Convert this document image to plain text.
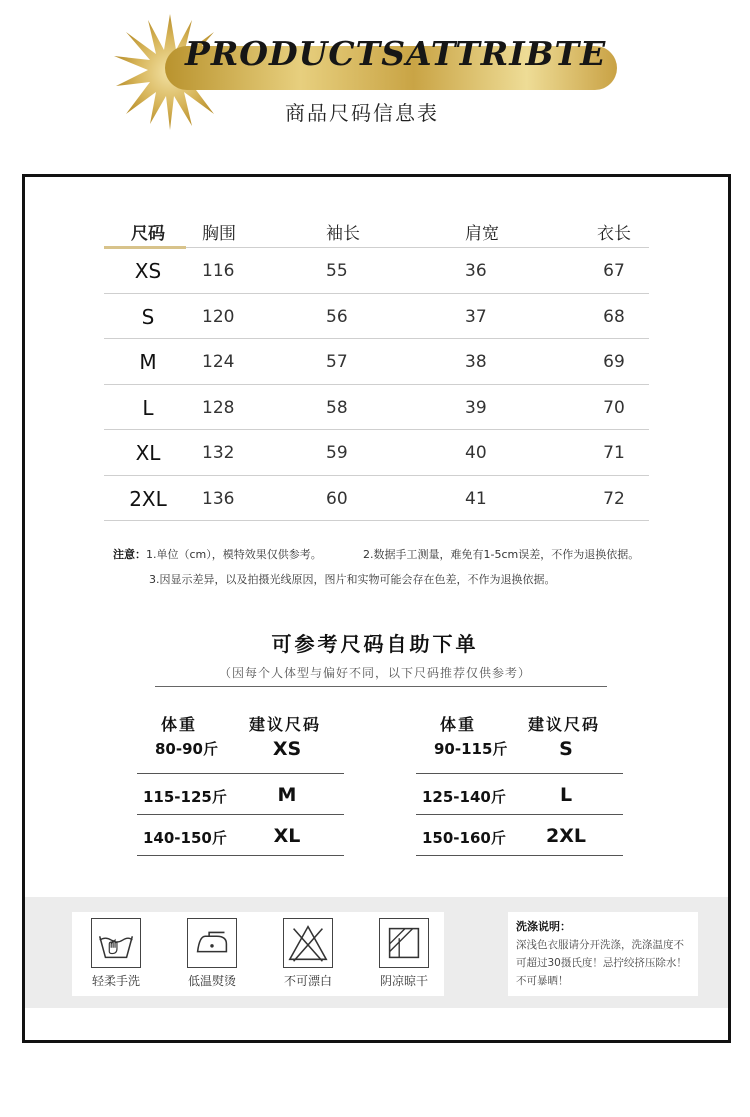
PRODUCTSATTRIBTE
商品尺码信息表
尺码	胸围	袖长	肩宽	衣长
XS	116	55	36	67
S	120	56	37	68
M	124	57	38	69
L	128	58	39	70
XL	132	59	40	71
2XL	136	60	41	72
注意：1.单位（cm），模特效果仅供参考。	2.数据手工测量，难免有1-5cm误差，不作为退换依据。
3.因显示差异，以及拍摄光线原因，图片和实物可能会存在色差，不作为退换依据。
可参考尺码自助下单
（因每个人体型与偏好不同，以下尺码推荐仅供参考）
体重	建议尺码
80-90斤	XS
115-125斤	M
140-150斤	XL
体重	建议尺码
90-115斤	S
125-140斤	L
150-160斤 2XL
轻柔手洗	低温熨烫	不可漂白	阴凉晾干
洗涤说明：
深浅色衣服请分开洗涤，洗涤温度不可超过30摄氏度！忌拧绞挤压除水！不可暴晒！
